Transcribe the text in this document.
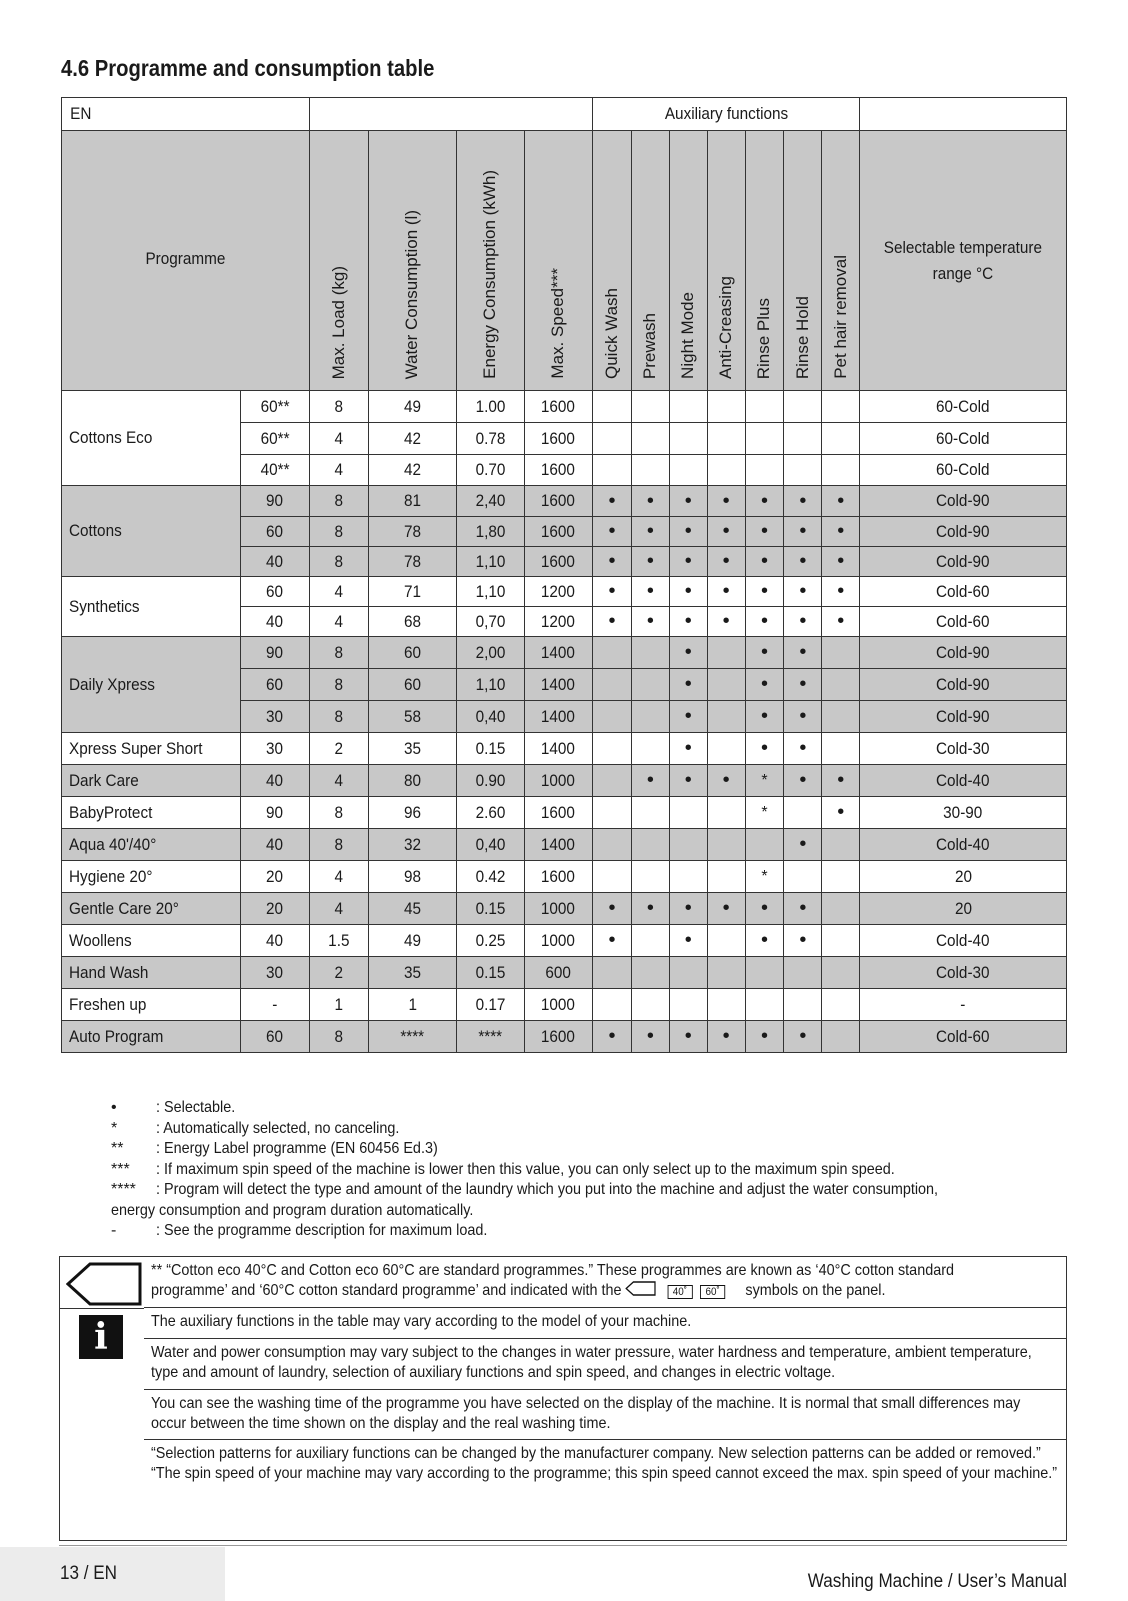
4.6 Programme and consumption table
EN						Auxiliary functions							
Programme		Max. Load (kg)	Water Consumption (l)	Energy Consumption (kWh)	Max. Speed***	Quick Wash	Prewash	Night Mode	Anti-Creasing	Rinse Plus	Rinse Hold	Pet hair removal	Selectable temperature range °C
Cottons Eco	60**	8	49	1.00	1600								60-Cold
	60**	4	42	0.78	1600								60-Cold
	40**	4	42	0.70	1600								60-Cold
Cottons	90	8	81	2,40	1600	•	•	•	•	•	•	•	Cold-90
	60	8	78	1,80	1600	•	•	•	•	•	•	•	Cold-90
	40	8	78	1,10	1600	•	•	•	•	•	•	•	Cold-90
Synthetics	60	4	71	1,10	1200	•	•	•	•	•	•	•	Cold-60
	40	4	68	0,70	1200	•	•	•	•	•	•	•	Cold-60
Daily Xpress	90	8	60	2,00	1400			•		•	•		Cold-90
	60	8	60	1,10	1400			•		•	•		Cold-90
	30	8	58	0,40	1400			•		•	•		Cold-90
Xpress Super Short	30	2	35	0.15	1400			•		•	•		Cold-30
Dark Care	40	4	80	0.90	1000		•	•	•	*	•	•	Cold-40
BabyProtect	90	8	96	2.60	1600					*		•	30-90
Aqua 40'/40°	40	8	32	0,40	1400						•		Cold-40
Hygiene 20°	20	4	98	0.42	1600					*			20
Gentle Care 20°	20	4	45	0.15	1000	•	•	•	•	•	•		20
Woollens	40	1.5	49	0.25	1000	•		•		•	•		Cold-40
Hand Wash	30	2	35	0.15	600								Cold-30
Freshen up	-	1	1	0.17	1000								-
Auto Program	60	8	****	****	1600	•	•	•	•	•	•		Cold-60
•	: Selectable.
*	: Automatically selected, no canceling.
**	: Energy Label programme (EN 60456 Ed.3)
***	: If maximum spin speed of the machine is lower then this value, you can only select up to the maximum spin speed.
****	: Program will detect the type and amount of the laundry which you put into the machine and adjust the water consumption,
energy consumption and program duration automatically.
-	: See the programme description for maximum load.
i
** “Cotton eco 40°C and Cotton eco 60°C are standard programmes.” These programmes are known as ‘40°C cotton standard
programme’ and ‘60°C cotton standard programme’ and indicated with the	40˚ 60˚ symbols on the panel.
The auxiliary functions in the table may vary according to the model of your machine.
Water and power consumption may vary subject to the changes in water pressure, water hardness and temperature, ambient temperature, type and amount of laundry, selection of auxiliary functions and spin speed, and changes in electric voltage.
You can see the washing time of the programme you have selected on the display of the machine. It is normal that small differences may occur between the time shown on the display and the real washing time.
“Selection patterns for auxiliary functions can be changed by the manufacturer company. New selection patterns can be added or removed.”
“The spin speed of your machine may vary according to the programme; this spin speed cannot exceed the max. spin speed of your machine.”
13 / EN	Washing Machine / User’s Manual
